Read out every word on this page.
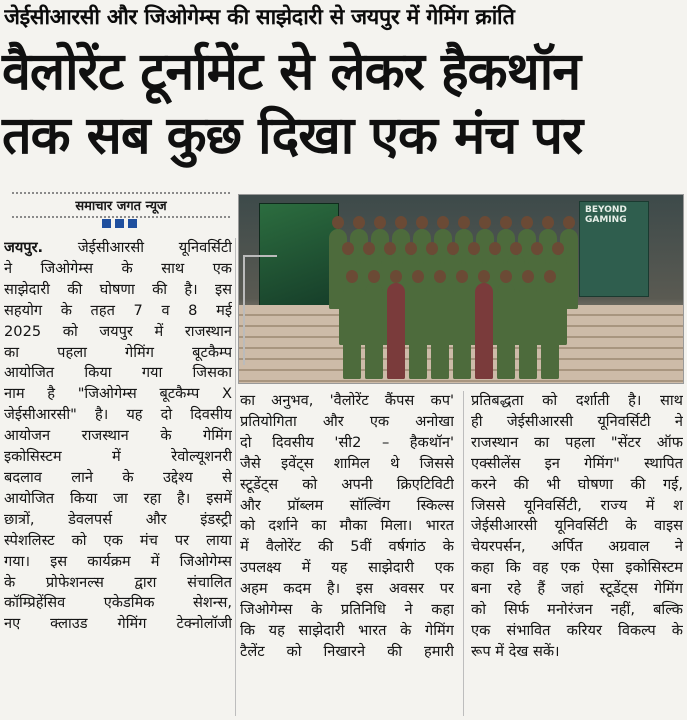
जेईसीआरसी और जिओगेम्स की साझेदारी से जयपुर में गेमिंग क्रांति
वैलोरेंट टूर्नामेंट से लेकर हैकथॉन
तक सब कुछ दिखा एक मंच पर
समाचार जगत न्यूज	BEYOND GAMING
जयपुर. जेईसीआरसी यूनिवर्सिटी
ने जिओगेम्स के साथ एक
साझेदारी की घोषणा की है। इस
सहयोग के तहत 7 व 8 मई
2025 को जयपुर में राजस्थान
का पहला गेमिंग बूटकैम्प
आयोजित किया गया जिसका
नाम है "जिओगेम्स बूटकैम्प X
जेईसीआरसी" है। यह दो दिवसीय
आयोजन राजस्थान के गेमिंग
इकोसिस्टम में रेवोल्यूशनरी
बदलाव लाने के उद्देश्य से
आयोजित किया जा रहा है। इसमें
छात्रों, डेवलपर्स और इंडस्ट्री
स्पेशलिस्ट को एक मंच पर लाया
गया। इस कार्यक्रम में जिओगेम्स
के प्रोफेशनल्स द्वारा संचालित
कॉम्प्रिहेंसिव एकेडमिक सेशन्स,
नए क्लाउड गेमिंग टेक्नोलॉजी
का अनुभव, 'वैलोरेंट कैंपस कप'
प्रतियोगिता और एक अनोखा
दो दिवसीय 'सी2 – हैकथॉन'
जैसे इवेंट्स शामिल थे जिससे
स्टूडेंट्स को अपनी क्रिएटिविटी
और प्रॉब्लम सॉल्विंग स्किल्स
को दर्शाने का मौका मिला। भारत
में वैलोरेंट की 5वीं वर्षगांठ के
उपलक्ष्य में यह साझेदारी एक
अहम कदम है। इस अवसर पर
जिओगेम्स के प्रतिनिधि ने कहा
कि यह साझेदारी भारत के गेमिंग
टैलेंट को निखारने की हमारी
प्रतिबद्धता को दर्शाती है। साथ
ही जेईसीआरसी यूनिवर्सिटी ने
राजस्थान का पहला "सेंटर ऑफ
एक्सीलेंस इन गेमिंग" स्थापित
करने की भी घोषणा की गई,
जिससे यूनिवर्सिटी, राज्य में श
जेईसीआरसी यूनिवर्सिटी के वाइस
चेयरपर्सन, अर्पित अग्रवाल ने
कहा कि वह एक ऐसा इकोसिस्टम
बना रहे हैं जहां स्टूडेंट्स गेमिंग
को सिर्फ मनोरंजन नहीं, बल्कि
एक संभावित करियर विकल्प के
रूप में देख सकें।
